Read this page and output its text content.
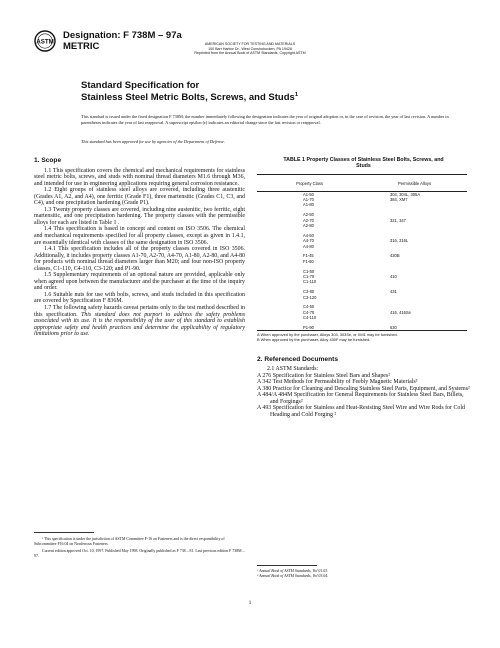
ASTM
Designation: F 738M – 97a
METRIC	AMERICAN SOCIETY FOR TESTING AND MATERIALS
100 Barr Harbor Dr., West Conshohocken, PA 19428
Reprinted from the Annual Book of ASTM Standards, Copyright ASTM
Standard Specification for
Stainless Steel Metric Bolts, Screws, and Studs$^1$
This standard is issued under the fixed designation F 738M; the number immediately following the designation indicates the year of original adoption or, in the case of revision, the year of last revision. A number in parentheses indicates the year of last reapproval. A superscript epsilon (ε) indicates an editorial change since the last revision or reapproval.
This standard has been approved for use by agencies of the Department of Defense.
1. Scope

1.1 This specification covers the chemical and mechanical requirements for stainless steel metric bolts, screws, and studs with nominal thread diameters M1.6 through M36, and intended for use in engineering applications requiring general corrosion resistance.

1.2 Eight groups of stainless steel alloys are covered, including three austenitic (Grades A1, A2, and A4), one ferritic (Grade F1), three martensitic (Grades C1, C3, and C4), and one precipitation hardening (Grade P1).

1.3 Twenty property classes are covered, including nine austenitic, two ferritic, eight martensitic, and one precipitation hardening. The property classes with the permissible alloys for each are listed in Table 1 .

1.4 This specification is based in concept and content on ISO 3506. The chemical and mechanical requirements specified for all property classes, except as given in 1.4.1, are essentially identical with classes of the same designation in ISO 3506.

1.4.1 This specification includes all of the property classes covered in ISO 3506. Additionally, it includes property classes A1-70, A2-70, A4-70, A1-80, A2-80, and A4-80 for products with nominal thread diameters larger than M20; and four non-ISO property classes, C1-110, C4-110, C3-120; and P1-90.

1.5 Supplementary requirements of an optional nature are provided, applicable only when agreed upon between the manufacturer and the purchaser at the time of the inquiry and order.

1.6 Suitable nuts for use with bolts, screws, and studs included in this specification are covered by Specification F 836M.

1.7 The following safety hazards caveat pertains only to the test method described in this specification. This standard does not purport to address the safety problems associated with its use. It is the responsibility of the user of this standard to establish appropriate safety and health practices and determine the applicability of regulatory limitations prior to use.

¹ This specification is under the jurisdiction of ASTM Committee F-16 on Fasteners and is the direct responsibility of Subcommittee F16.04 on Nonferrous Fasteners.

Current edition approved Oct. 10, 1997. Published May 1998. Originally published as F 738 – 81. Last previous edition F 738M – 97.

TABLE 1 Property Classes of Stainless Steel Bolts, Screws, and
Studs
Property Class	Permissible Alloys
A1-50	304, 304L, 305A
A1-70	384, XM7
A1-80	

A2-50	
A2-70	321, 347
A2-80	

A4-50	
A4-70	316, 316L
A4-80	

F1-45	430B
F1-60	

C1-50	
C1-70	410
C1-110	

C3-80	431
C3-120	

C4-50	
C4-70	416, 416Se
C4-110	

P1-90	630
A When approved by the purchaser, Alloys 303, 303Se, or XM1 may be furnished.
B When approved by the purchaser, Alloy 430F may be furnished.
2. Referenced Documents

2.1 ASTM Standards:

A 276 Specification for Stainless Steel Bars and Shapes²

A 342 Test Methods for Permeability of Feebly Magnetic Materials³

A 380 Practice for Cleaning and Descaling Stainless Steel Parts, Equipment, and Systems²

A 484/A 484M Specification for General Requirements for Stainless Steel Bars, Billets, and Forgings²

A 493 Specification for Stainless and Heat-Resisting Steel Wire and Wire Rods for Cold Heading and Cold Forging ²

² Annual Book of ASTM Standards, Vol 01.03.
³ Annual Book of ASTM Standards, Vol 03.04.
1
